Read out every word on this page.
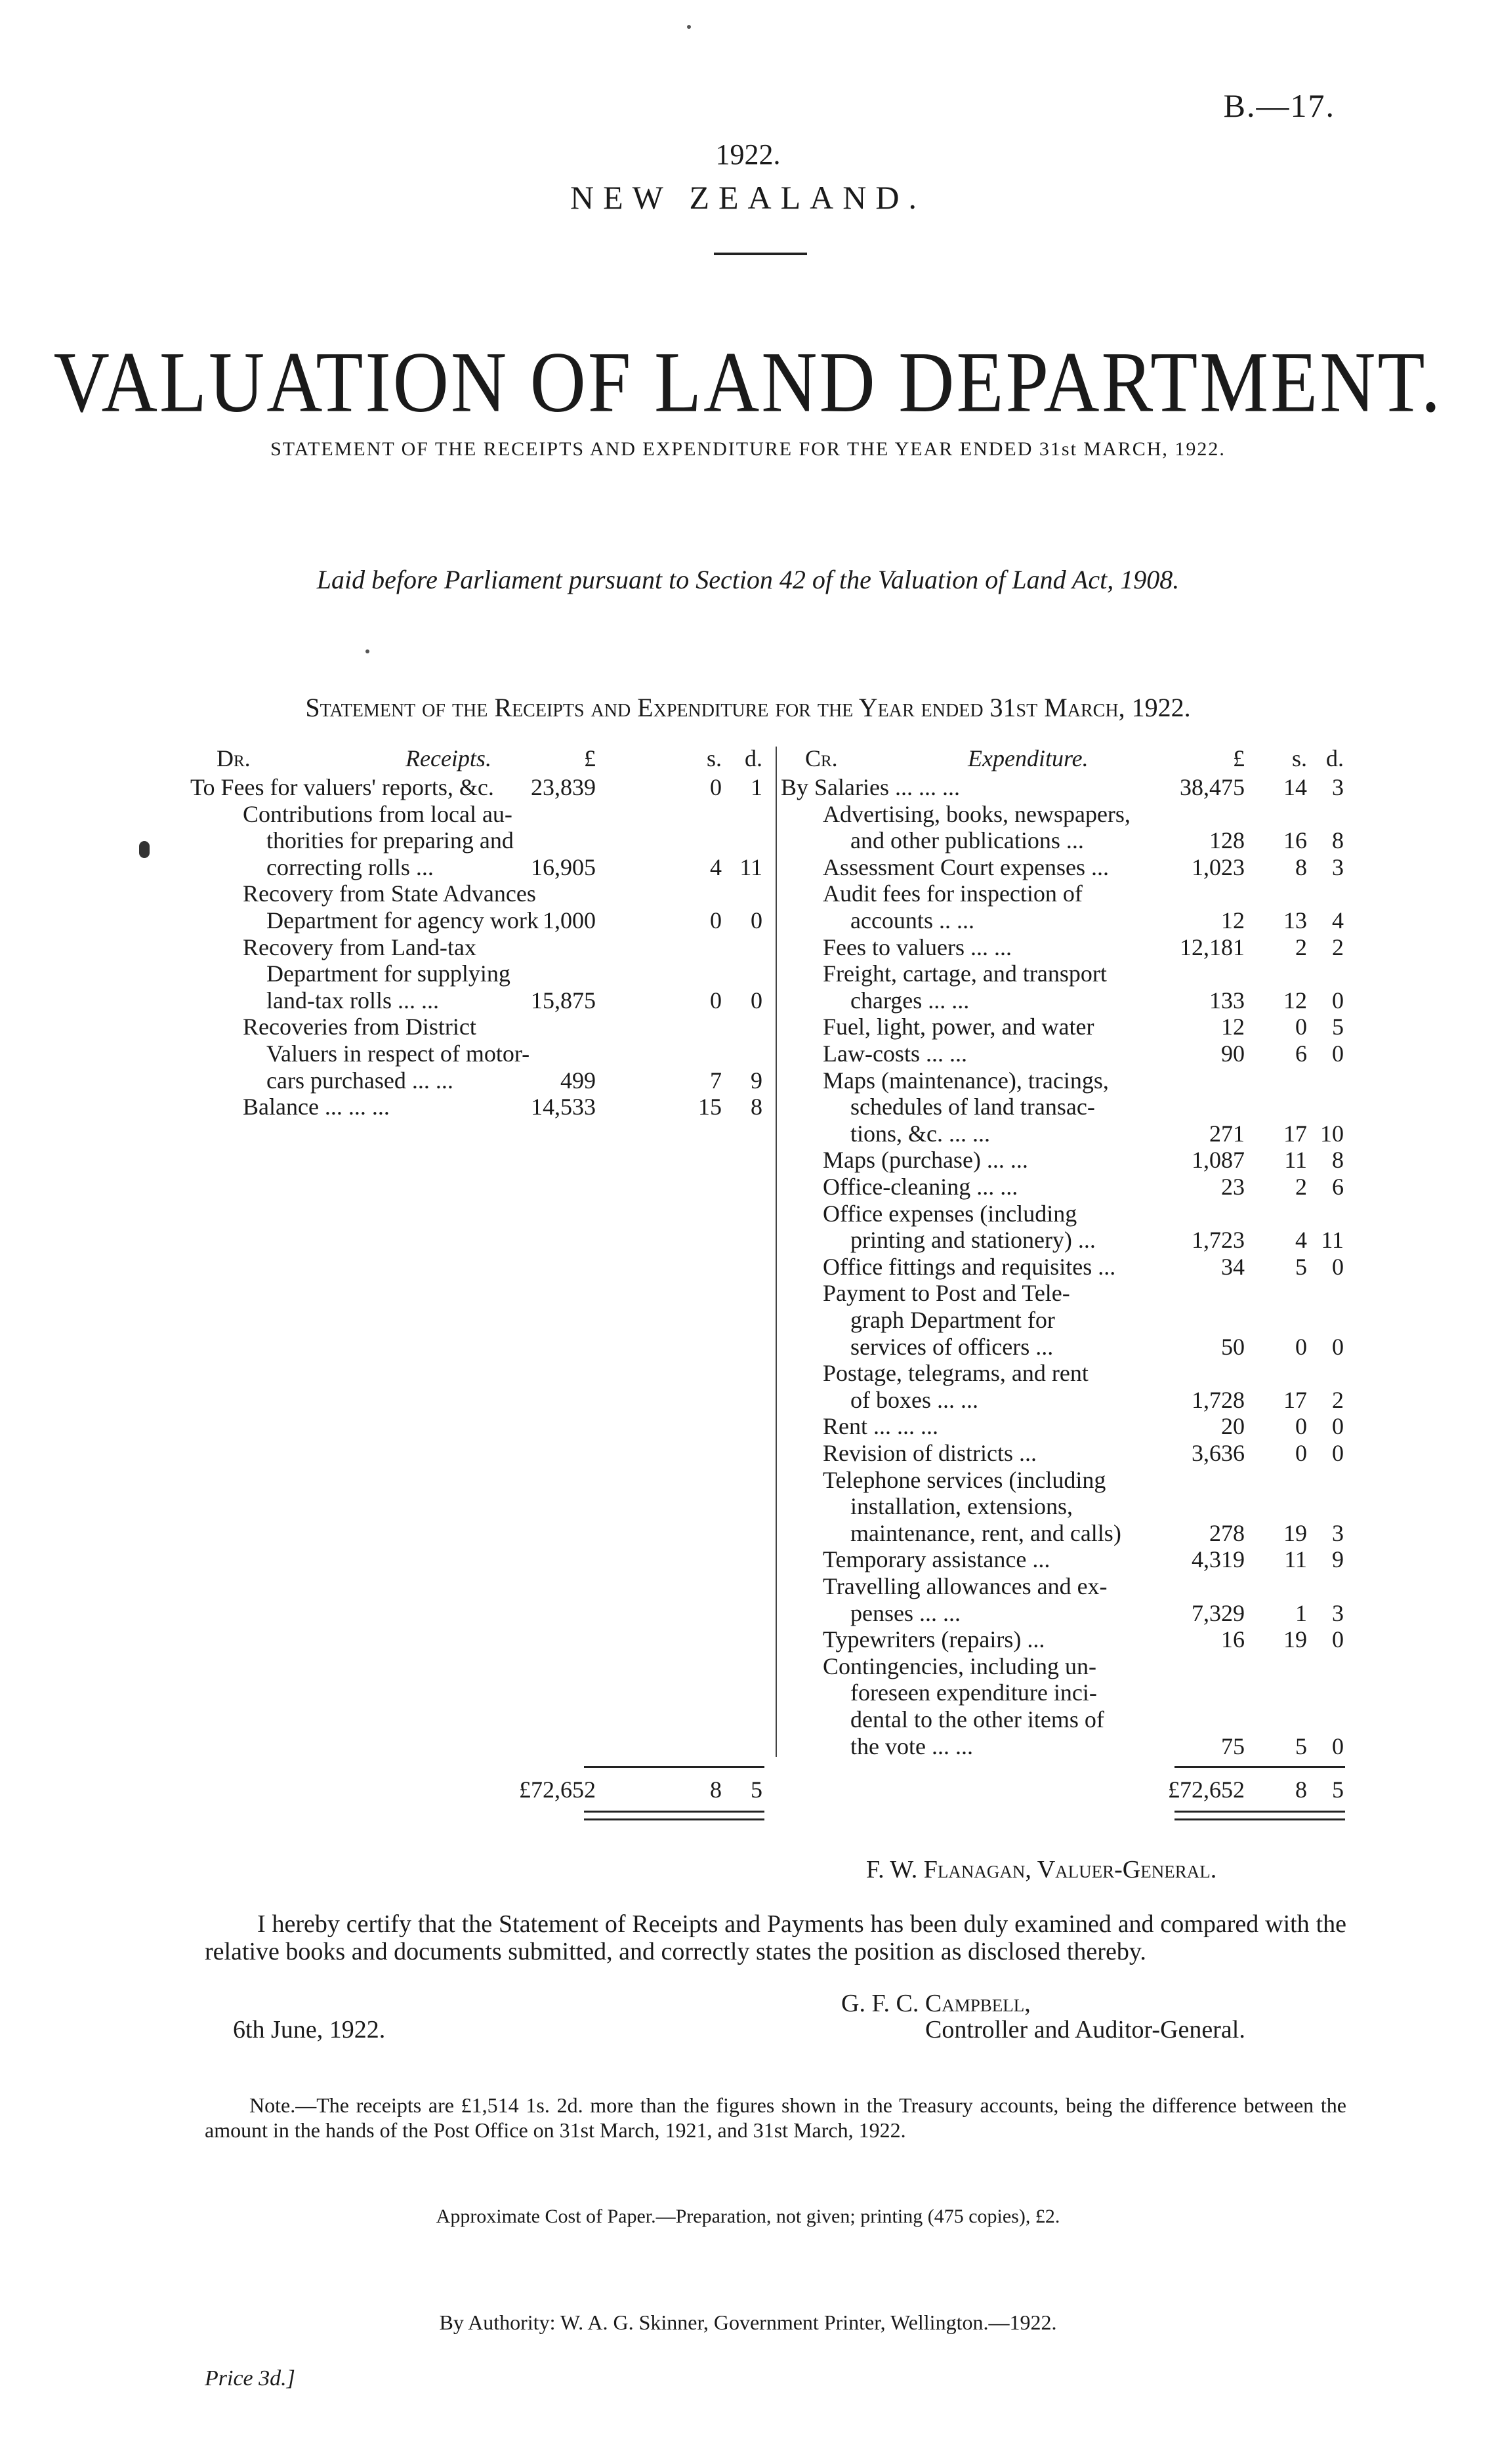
B.—17.
1922.
NEW ZEALAND.
VALUATION OF LAND DEPARTMENT.
STATEMENT OF THE RECEIPTS AND EXPENDITURE FOR THE YEAR ENDED 31st MARCH, 1922.
Laid before Parliament pursuant to Section 42 of the Valuation of Land Act, 1908.
Statement of the Receipts and Expenditure for the Year ended 31st March, 1922.
Dr.	Receipts.	£	s. d.
To Fees for valuers' reports, &c.	23,839	0	1
Contributions from local au-
thorities for preparing and
correcting rolls ...	16,905	4 11
Recovery from State Advances
Department for agency work 1,000	0	0
Recovery from Land-tax
Department for supplying
land-tax rolls ... ...	15,875	0	0
Recoveries from District
Valuers in respect of motor-
cars purchased ... ...	499	7	9
Balance ... ... ...	14,533	15	8
£72,652	8	5
Cr.	Expenditure.	£	s. d.
By Salaries ... ... ...	38,475	14	3
Advertising, books, newspapers,
and other publications ...	128	16	8
Assessment Court expenses ...	1,023	8	3
Audit fees for inspection of
accounts .. ...	12	13	4
Fees to valuers ... ...	12,181	2	2
Freight, cartage, and transport
charges ... ...	133	12	0
Fuel, light, power, and water	12	0	5
Law-costs ... ...	90	6	0
Maps (maintenance), tracings,
schedules of land transac-
tions, &c. ... ...	271	17 10
Maps (purchase) ... ...	1,087	11	8
Office-cleaning ... ...	23	2	6
Office expenses (including
printing and stationery) ...	1,723	4 11
Office fittings and requisites ...	34	5	0
Payment to Post and Tele-
graph Department for
services of officers ...	50	0	0
Postage, telegrams, and rent
of boxes ... ...	1,728	17	2
Rent ... ... ...	20	0	0
Revision of districts ...	3,636	0	0
Telephone services (including
installation, extensions,
maintenance, rent, and calls)	278	19	3
Temporary assistance ...	4,319	11	9
Travelling allowances and ex-
penses ... ...	7,329	1	3
Typewriters (repairs) ...	16	19	0
Contingencies, including un-
foreseen expenditure inci-
dental to the other items of
the vote ... ...	75	5	0
£72,652	8	5
F. W. Flanagan, Valuer-General.
I hereby certify that the Statement of Receipts and Payments has been duly examined and compared with the relative books and documents submitted, and correctly states the position as disclosed thereby.
G. F. C. Campbell,
6th June, 1922.	Controller and Auditor-General.
Note.—The receipts are £1,514 1s. 2d. more than the figures shown in the Treasury accounts, being the difference between the amount in the hands of the Post Office on 31st March, 1921, and 31st March, 1922.
Approximate Cost of Paper.—Preparation, not given; printing (475 copies), £2.
By Authority: W. A. G. Skinner, Government Printer, Wellington.—1922.
Price 3d.]
